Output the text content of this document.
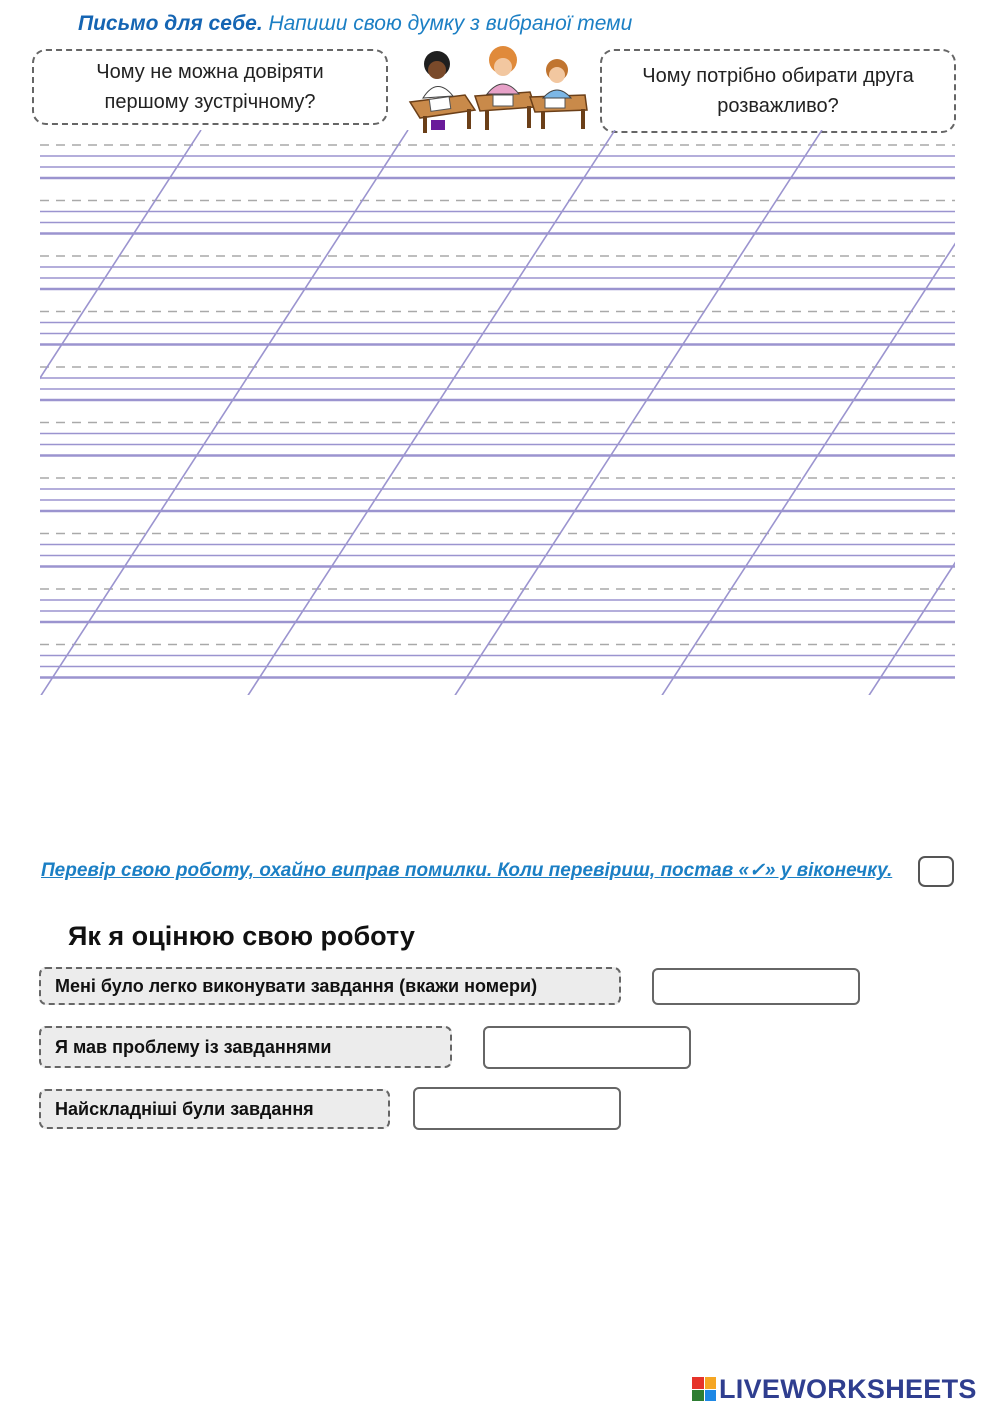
Письмо для себе. Напиши свою думку з вибраної теми
Чому не можна довіряти першому зустрічному?
Чому потрібно обирати друга розважливо?
Перевір свою роботу, охайно виправ помилки. Коли перевіриш, постав «✓» у віконечку.
Як я оцінюю свою роботу
Мені було легко виконувати завдання (вкажи номери)
Я мав проблему із завданнями
Найскладніші були завдання
LIVEWORKSHEETS
